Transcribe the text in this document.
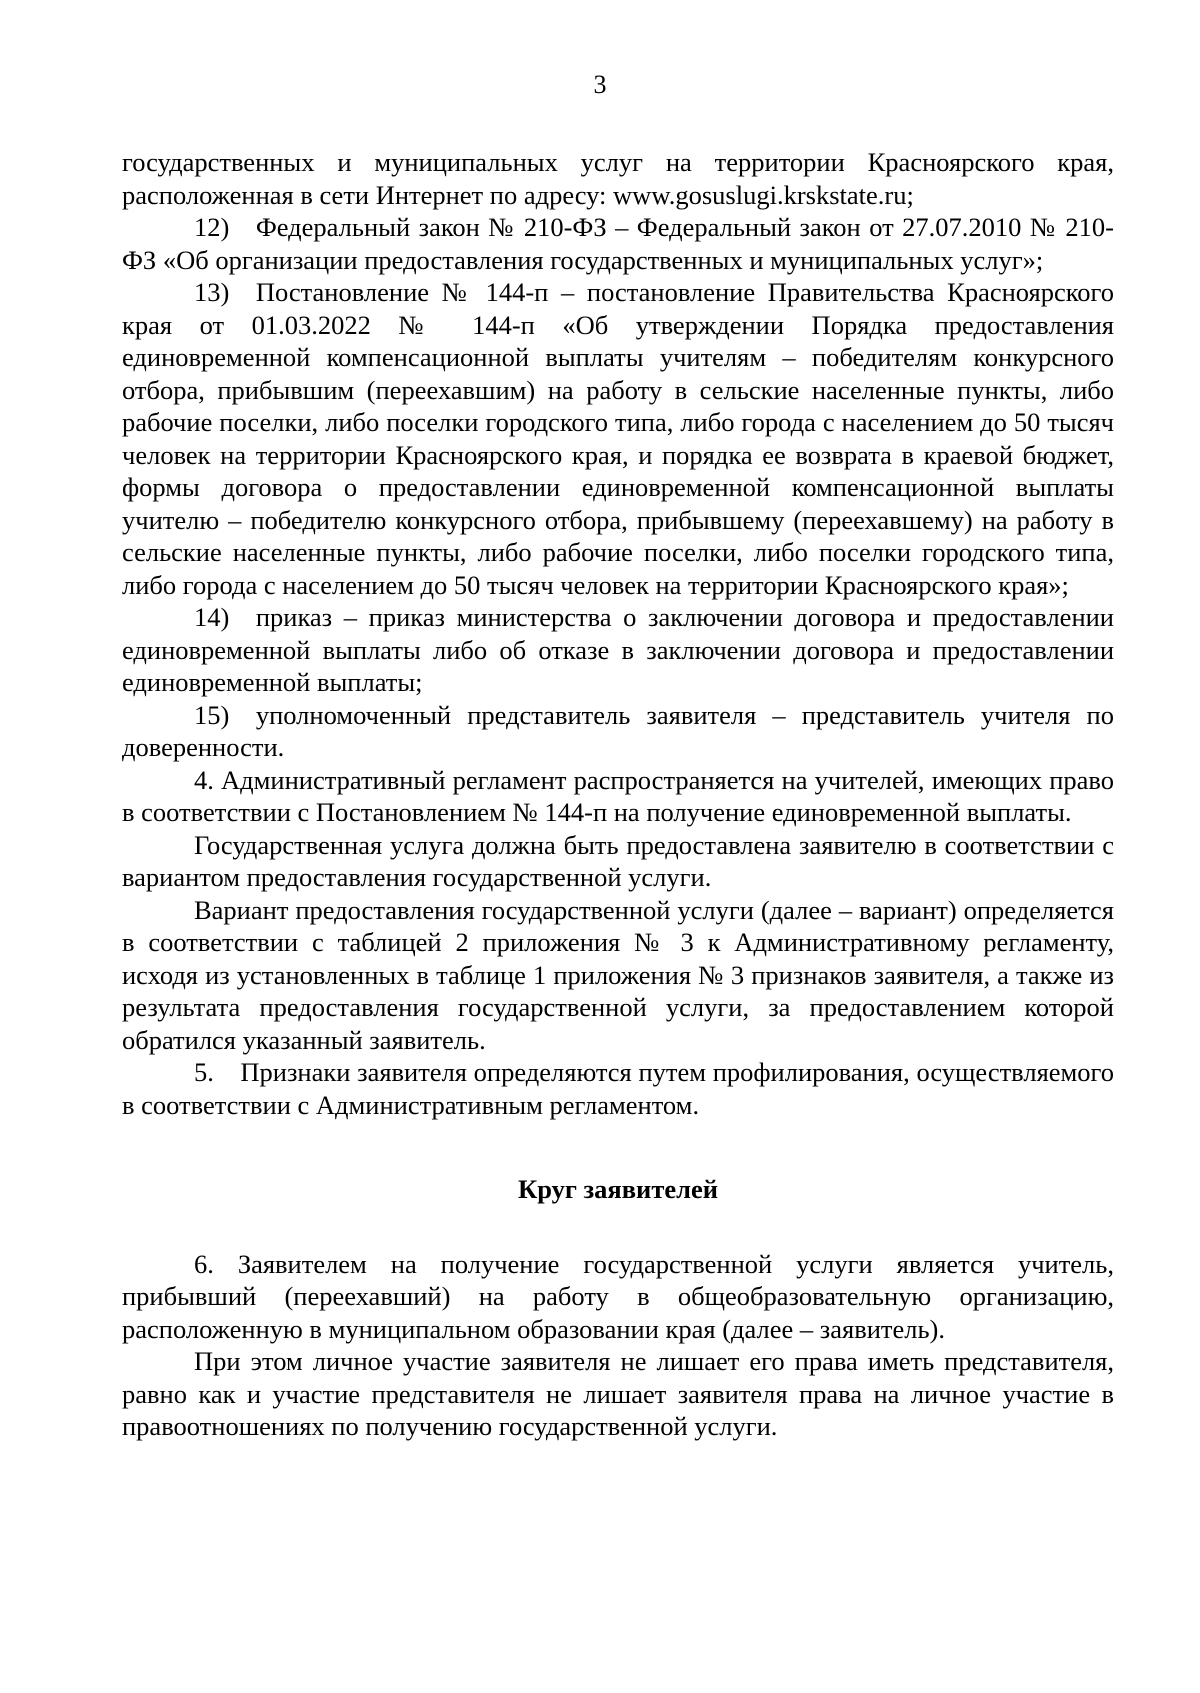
3

государственных и муниципальных услуг на территории Красноярского края, расположенная в сети Интернет по адресу: www.gosuslugi.krskstate.ru;

12) Федеральный закон № 210-ФЗ – Федеральный закон от 27.07.2010 № 210-ФЗ «Об организации предоставления государственных и муниципальных услуг»;

13) Постановление № 144-п – постановление Правительства Красноярского края от 01.03.2022 № 144-п «Об утверждении Порядка предоставления единовременной компенсационной выплаты учителям – победителям конкурсного отбора, прибывшим (переехавшим) на работу в сельские населенные пункты, либо рабочие поселки, либо поселки городского типа, либо города с населением до 50 тысяч человек на территории Красноярского края, и порядка ее возврата в краевой бюджет, формы договора о предоставлении единовременной компенсационной выплаты учителю – победителю конкурсного отбора, прибывшему (переехавшему) на работу в сельские населенные пункты, либо рабочие поселки, либо поселки городского типа, либо города с населением до 50 тысяч человек на территории Красноярского края»;

14) приказ – приказ министерства о заключении договора и предоставлении единовременной выплаты либо об отказе в заключении договора и предоставлении единовременной выплаты;

15) уполномоченный представитель заявителя – представитель учителя по доверенности.

4. Административный регламент распространяется на учителей, имеющих право в соответствии с Постановлением № 144-п на получение единовременной выплаты.

Государственная услуга должна быть предоставлена заявителю в соответствии с вариантом предоставления государственной услуги.

Вариант предоставления государственной услуги (далее – вариант) определяется в соответствии с таблицей 2 приложения № 3 к Административному регламенту, исходя из установленных в таблице 1 приложения № 3 признаков заявителя, а также из результата предоставления государственной услуги, за предоставлением которой обратился указанный заявитель.

5. Признаки заявителя определяются путем профилирования, осуществляемого в соответствии с Административным регламентом.

Круг заявителей

6. Заявителем на получение государственной услуги является учитель, прибывший (переехавший) на работу в общеобразовательную организацию, расположенную в муниципальном образовании края (далее – заявитель).

При этом личное участие заявителя не лишает его права иметь представителя, равно как и участие представителя не лишает заявителя права на личное участие в правоотношениях по получению государственной услуги.
